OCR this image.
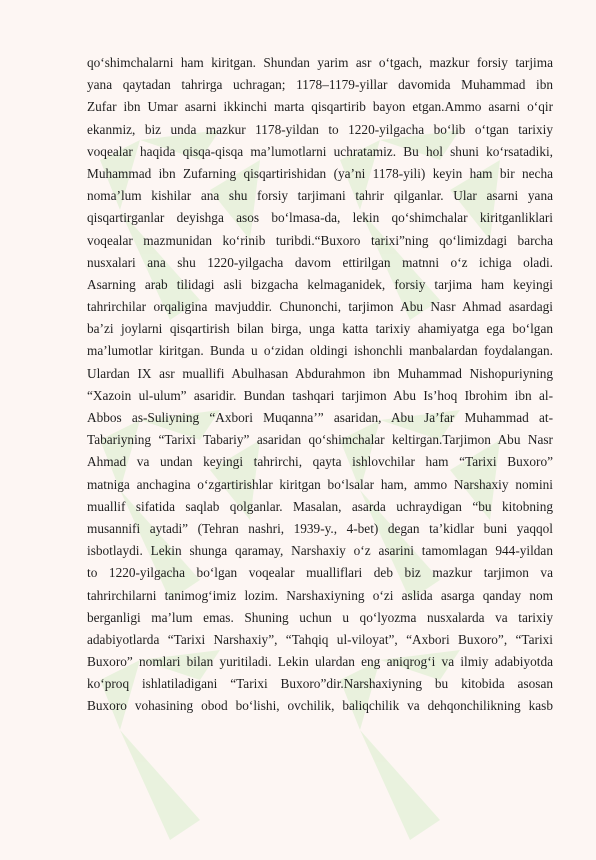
qo‘shimchalarni ham kiritgan. Shundan yarim asr o‘tgach, mazkur forsiy tarjima
yana qaytadan tahrirga uchragan; 1178–1179-yillar davomida Muhammad ibn
Zufar ibn Umar asarni ikkinchi marta qisqartirib bayon etgan.Ammo asarni o‘qir
ekanmiz, biz unda mazkur 1178-yildan to 1220-yilgacha bo‘lib o‘tgan tarixiy
voqealar haqida qisqa-qisqa ma’lumotlarni uchratamiz. Bu hol shuni ko‘rsatadiki,
Muhammad ibn Zufarning qisqartirishidan (ya’ni 1178-yili) keyin ham bir necha
noma’lum kishilar ana shu forsiy tarjimani tahrir qilganlar. Ular asarni yana
qisqartirganlar deyishga asos bo‘lmasa-da, lekin qo‘shimchalar kiritganliklari
voqealar mazmunidan ko‘rinib turibdi.“Buxoro tarixi”ning qo‘limizdagi barcha
nusxalari ana shu 1220-yilgacha davom ettirilgan matnni o‘z ichiga oladi.
Asarning arab tilidagi asli bizgacha kelmaganidek, forsiy tarjima ham keyingi
tahrirchilar orqaligina mavjuddir. Chunonchi, tarjimon Abu Nasr Ahmad asardagi
ba’zi joylarni qisqartirish bilan birga, unga katta tarixiy ahamiyatga ega bo‘lgan
ma’lumotlar kiritgan. Bunda u o‘zidan oldingi ishonchli manbalardan foydalangan.
Ulardan IX asr muallifi Abulhasan Abdurahmon ibn Muhammad Nishopuriyning
“Xazoin ul-ulum” asaridir. Bundan tashqari tarjimon Abu Is’hoq Ibrohim ibn al-
Abbos as-Suliyning “Axbori Muqanna’” asaridan, Abu Ja’far Muhammad at-
Tabariyning “Tarixi Tabariy” asaridan qo‘shimchalar keltirgan.Tarjimon Abu Nasr
Ahmad va undan keyingi tahrirchi, qayta ishlovchilar ham “Tarixi Buxoro”
matniga anchagina o‘zgartirishlar kiritgan bo‘lsalar ham, ammo Narshaxiy nomini
muallif sifatida saqlab qolganlar. Masalan, asarda uchraydigan “bu kitobning
musannifi aytadi” (Tehran nashri, 1939-y., 4-bet) degan ta’kidlar buni yaqqol
isbotlaydi. Lekin shunga qaramay, Narshaxiy o‘z asarini tamomlagan 944-yildan
to 1220-yilgacha bo‘lgan voqealar mualliflari deb biz mazkur tarjimon va
tahrirchilarni tanimog‘imiz lozim. Narshaxiyning o‘zi aslida asarga qanday nom
berganligi ma’lum emas. Shuning uchun u qo‘lyozma nusxalarda va tarixiy
adabiyotlarda “Tarixi Narshaxiy”, “Tahqiq ul-viloyat”, “Axbori Buxoro”, “Tarixi
Buxoro” nomlari bilan yuritiladi. Lekin ulardan eng aniqrog‘i va ilmiy adabiyotda
ko‘proq ishlatiladigani “Tarixi Buxoro”dir.Narshaxiyning bu kitobida asosan
Buxoro vohasining obod bo‘lishi, ovchilik, baliqchilik va dehqonchilikning kasb
